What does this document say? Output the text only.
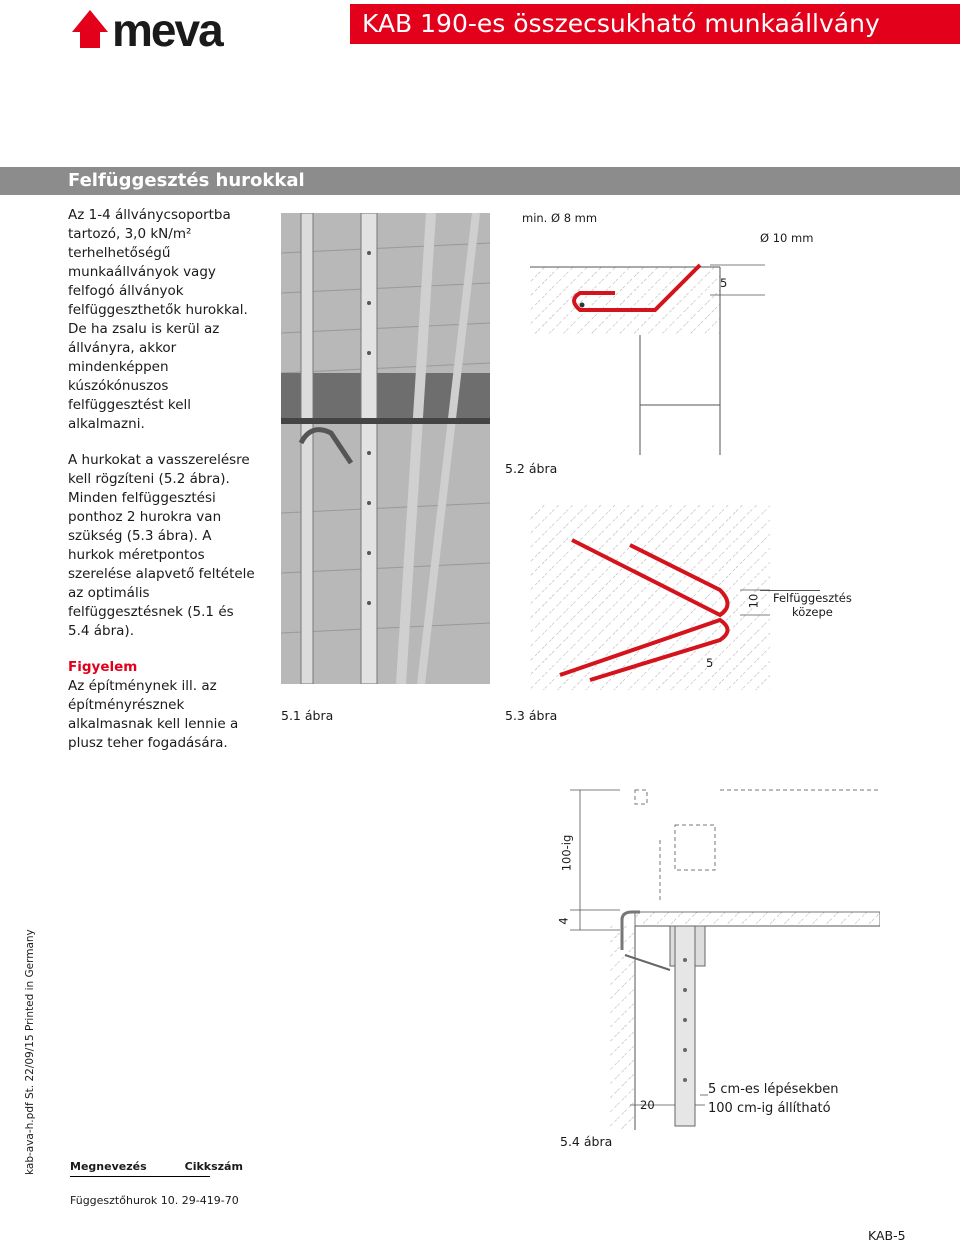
meva	KAB 190-es összecsukható munkaállvány
Felfüggesztés hurokkal

Az 1-4 állványcsoportba tartozó, 3,0 kN/m² terhelhetőségű munkaállványok vagy felfogó állványok felfüggeszthetők hurokkal. De ha zsalu is kerül az állványra, akkor mindenképpen kúszókónuszos felfüggesztést kell alkalmazni.

A hurkokat a vasszerelésre kell rögzíteni (5.2 ábra). Minden felfüggesztési ponthoz 2 hurokra van szükség (5.3 ábra). A hurkok méretpontos szerelése alapvető feltétele az optimális felfüggesztésnek (5.1 és 5.4 ábra).

Figyelem
Az építménynek ill. az építményrésznek alkalmasnak kell lennie a plusz teher fogadására.
5.1 ábra
min. Ø 8 mm
Ø 10 mm
5
5.2 ábra
10
5
Felfüggesztés
közepe
5.3 ábra
100-ig
4
20
5 cm-es lépésekben
100 cm-ig állítható
5.4 ábra
kab-ava-h.pdf St. 22/09/15 Printed in Germany	Megnevezés	Cikkszám
Függesztőhurok 10 . 29-419-70
KAB-5
